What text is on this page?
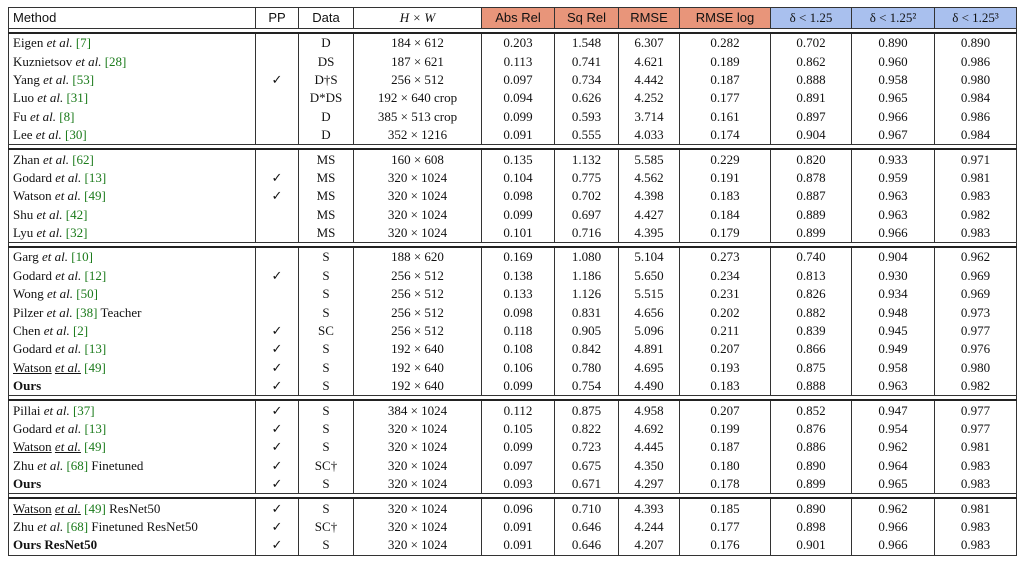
Method	PP	Data	H × W	Abs Rel	Sq Rel	RMSE	RMSE log	δ < 1.25	δ < 1.25²	δ < 1.25³

Eigen et al. [7]		D	184 × 612	0.203	1.548	6.307	0.282	0.702	0.890	0.890
Kuznietsov et al. [28]		DS	187 × 621	0.113	0.741	4.621	0.189	0.862	0.960	0.986
Yang et al. [53]	✓	D†S	256 × 512	0.097	0.734	4.442	0.187	0.888	0.958	0.980
Luo et al. [31]		D*DS	192 × 640 crop	0.094	0.626	4.252	0.177	0.891	0.965	0.984
Fu et al. [8]		D	385 × 513 crop	0.099	0.593	3.714	0.161	0.897	0.966	0.986
Lee et al. [30]		D	352 × 1216	0.091	0.555	4.033	0.174	0.904	0.967	0.984

Zhan et al. [62]		MS	160 × 608	0.135	1.132	5.585	0.229	0.820	0.933	0.971
Godard et al. [13]	✓	MS	320 × 1024	0.104	0.775	4.562	0.191	0.878	0.959	0.981
Watson et al. [49]	✓	MS	320 × 1024	0.098	0.702	4.398	0.183	0.887	0.963	0.983
Shu et al. [42]		MS	320 × 1024	0.099	0.697	4.427	0.184	0.889	0.963	0.982
Lyu et al. [32]		MS	320 × 1024	0.101	0.716	4.395	0.179	0.899	0.966	0.983

Garg et al. [10]		S	188 × 620	0.169	1.080	5.104	0.273	0.740	0.904	0.962
Godard et al. [12]	✓	S	256 × 512	0.138	1.186	5.650	0.234	0.813	0.930	0.969
Wong et al. [50]		S	256 × 512	0.133	1.126	5.515	0.231	0.826	0.934	0.969
Pilzer et al. [38] Teacher		S	256 × 512	0.098	0.831	4.656	0.202	0.882	0.948	0.973
Chen et al. [2]	✓	SC	256 × 512	0.118	0.905	5.096	0.211	0.839	0.945	0.977
Godard et al. [13]	✓	S	192 × 640	0.108	0.842	4.891	0.207	0.866	0.949	0.976
Watson et al. [49]	✓	S	192 × 640	0.106	0.780	4.695	0.193	0.875	0.958	0.980
Ours	✓	S	192 × 640	0.099	0.754	4.490	0.183	0.888	0.963	0.982

Pillai et al. [37]	✓	S	384 × 1024	0.112	0.875	4.958	0.207	0.852	0.947	0.977
Godard et al. [13]	✓	S	320 × 1024	0.105	0.822	4.692	0.199	0.876	0.954	0.977
Watson et al. [49]	✓	S	320 × 1024	0.099	0.723	4.445	0.187	0.886	0.962	0.981
Zhu et al. [68] Finetuned	✓	SC†	320 × 1024	0.097	0.675	4.350	0.180	0.890	0.964	0.983
Ours	✓	S	320 × 1024	0.093	0.671	4.297	0.178	0.899	0.965	0.983

Watson et al. [49] ResNet50	✓	S	320 × 1024	0.096	0.710	4.393	0.185	0.890	0.962	0.981
Zhu et al. [68] Finetuned ResNet50	✓	SC†	320 × 1024	0.091	0.646	4.244	0.177	0.898	0.966	0.983
Ours ResNet50	✓	S	320 × 1024	0.091	0.646	4.207	0.176	0.901	0.966	0.983
